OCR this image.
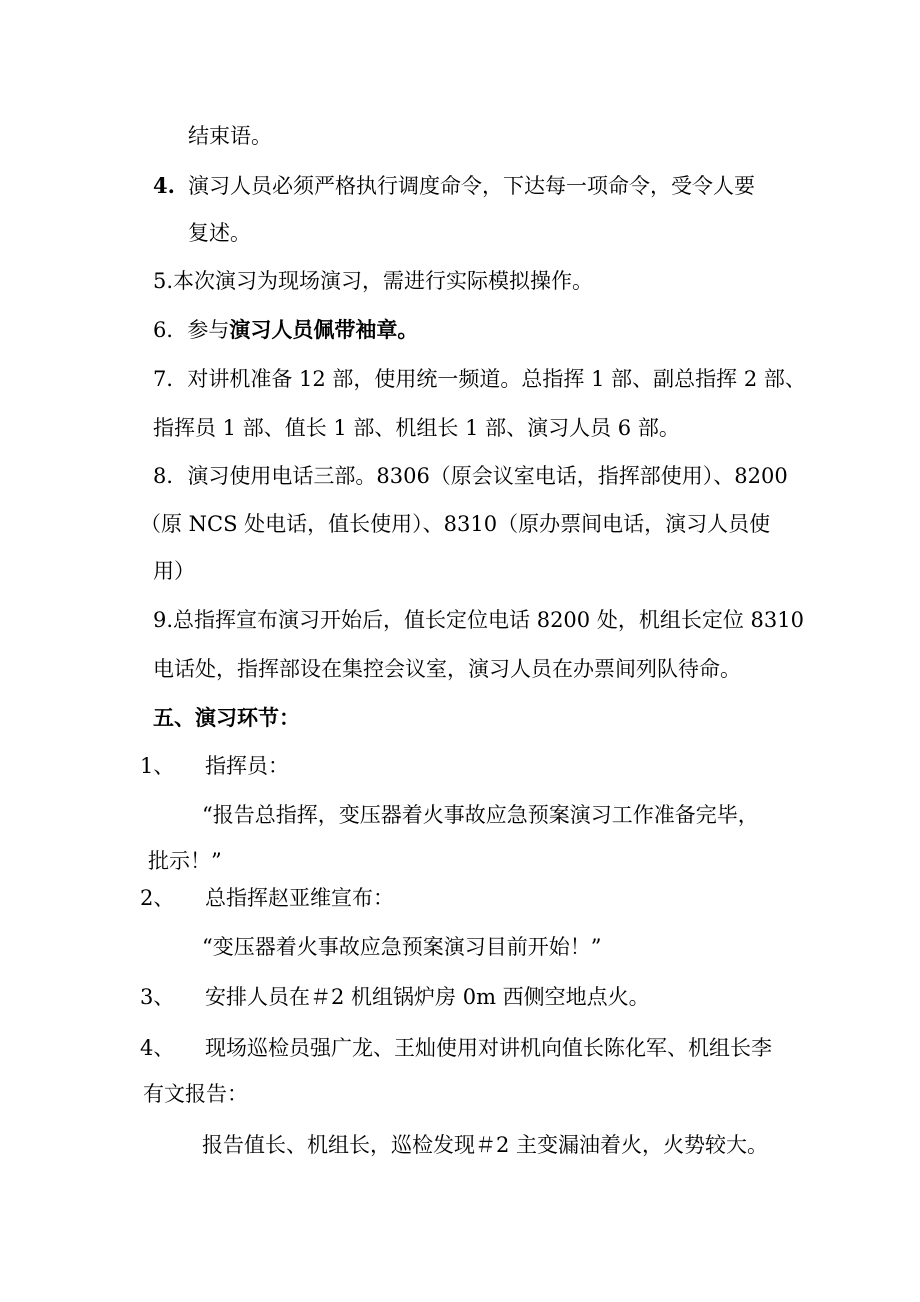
结束语。
4. 演习人员必须严格执行调度命令，下达每一项命令，受令人要
复述。
5.本次演习为现场演习，需进行实际模拟操作。
6．参与演习人员佩带袖章。
7．对讲机准备 12 部，使用统一频道。总指挥 1 部、副总指挥 2 部、
指挥员 1 部、值长 1 部、机组长 1 部、演习人员 6 部。
8．演习使用电话三部。8306（原会议室电话，指挥部使用）、8200
（原 NCS 处电话，值长使用）、8310（原办票间电话，演习人员使
用）
9.总指挥宣布演习开始后，值长定位电话 8200 处，机组长定位 8310
电话处，指挥部设在集控会议室，演习人员在办票间列队待命。
五、演习环节：
1、 指挥员：
“报告总指挥，变压器着火事故应急预案演习工作准备完毕，
批示！”
2、 总指挥赵亚维宣布：
“变压器着火事故应急预案演习目前开始！”
3、 安排人员在＃2 机组锅炉房 0m 西侧空地点火。
4、 现场巡检员强广龙、王灿使用对讲机向值长陈化军、机组长李
有文报告：
报告值长、机组长，巡检发现＃2 主变漏油着火，火势较大。
